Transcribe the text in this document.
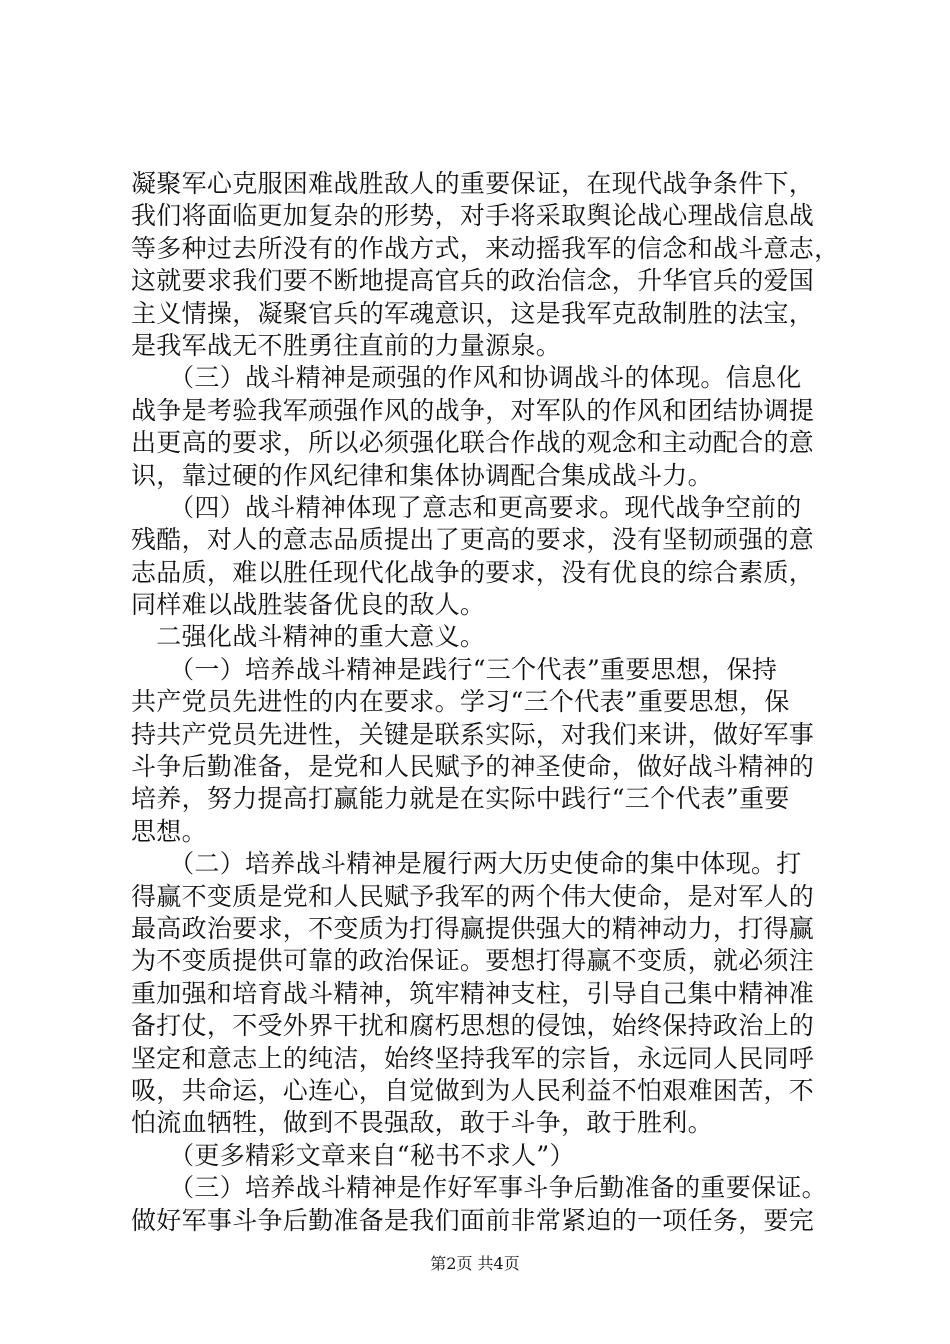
凝聚军心克服困难战胜敌人的重要保证，在现代战争条件下，
我们将面临更加复杂的形势，对手将采取舆论战心理战信息战
等多种过去所没有的作战方式，来动摇我军的信念和战斗意志，
这就要求我们要不断地提高官兵的政治信念，升华官兵的爱国
主义情操，凝聚官兵的军魂意识，这是我军克敌制胜的法宝，
是我军战无不胜勇往直前的力量源泉。
　　（三）战斗精神是顽强的作风和协调战斗的体现。信息化
战争是考验我军顽强作风的战争，对军队的作风和团结协调提
出更高的要求，所以必须强化联合作战的观念和主动配合的意
识，靠过硬的作风纪律和集体协调配合集成战斗力。
　　（四）战斗精神体现了意志和更高要求。现代战争空前的
残酷，对人的意志品质提出了更高的要求，没有坚韧顽强的意
志品质，难以胜任现代化战争的要求，没有优良的综合素质，
同样难以战胜装备优良的敌人。
　二强化战斗精神的重大意义。
　　（一）培养战斗精神是践行“三个代表”重要思想，保持
共产党员先进性的内在要求。学习“三个代表”重要思想，保
持共产党员先进性，关键是联系实际，对我们来讲，做好军事
斗争后勤准备，是党和人民赋予的神圣使命，做好战斗精神的
培养，努力提高打赢能力就是在实际中践行“三个代表”重要
思想。
　　（二）培养战斗精神是履行两大历史使命的集中体现。打
得赢不变质是党和人民赋予我军的两个伟大使命，是对军人的
最高政治要求，不变质为打得赢提供强大的精神动力，打得赢
为不变质提供可靠的政治保证。要想打得赢不变质，就必须注
重加强和培育战斗精神，筑牢精神支柱，引导自己集中精神准
备打仗，不受外界干扰和腐朽思想的侵蚀，始终保持政治上的
坚定和意志上的纯洁，始终坚持我军的宗旨，永远同人民同呼
吸，共命运，心连心，自觉做到为人民利益不怕艰难困苦，不
怕流血牺牲，做到不畏强敌，敢于斗争，敢于胜利。
　　（更多精彩文章来自“秘书不求人”）
　　（三）培养战斗精神是作好军事斗争后勤准备的重要保证。
做好军事斗争后勤准备是我们面前非常紧迫的一项任务，要完
第2页 共4页
